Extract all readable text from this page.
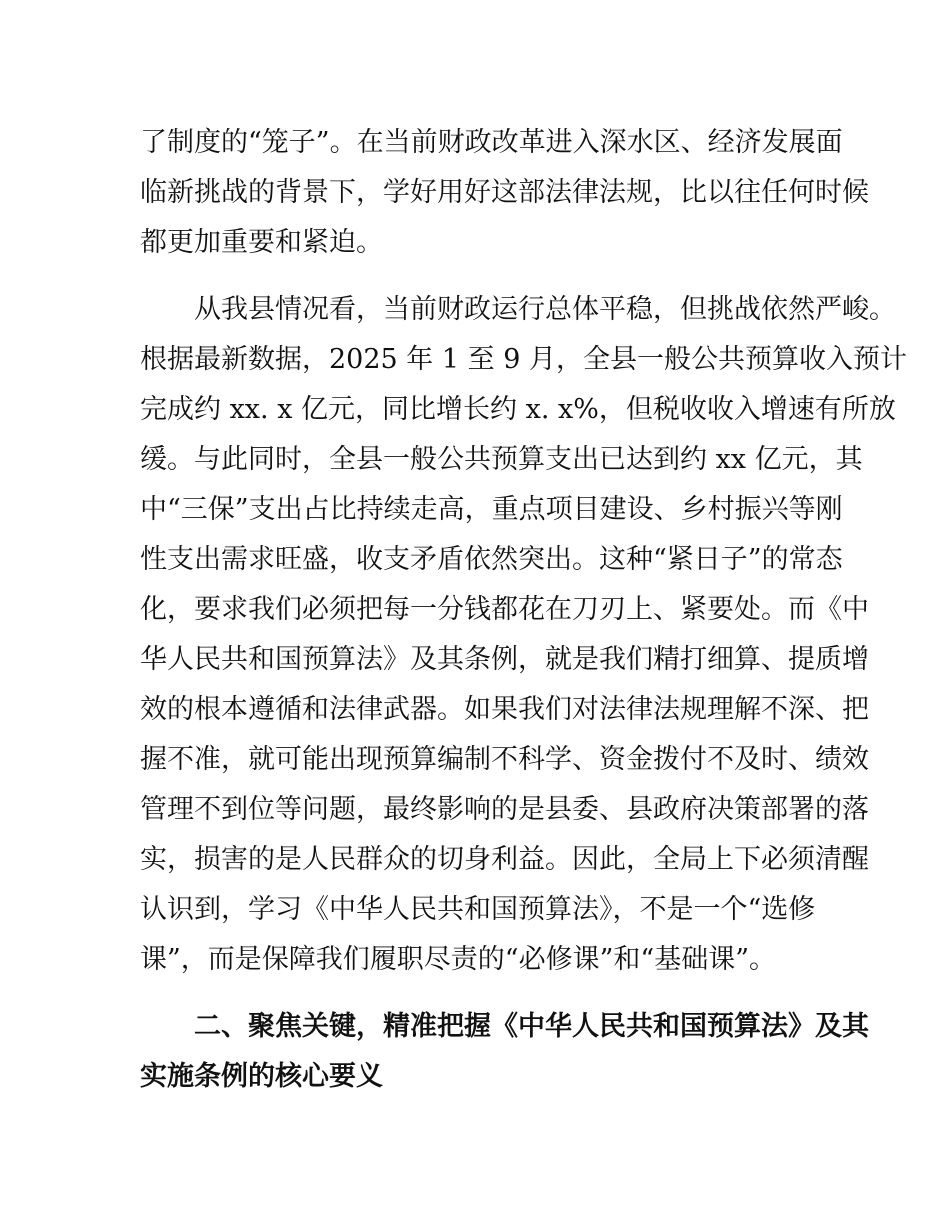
了制度的“笼子”。在当前财政改革进入深水区、经济发展面
临新挑战的背景下，学好用好这部法律法规，比以往任何时候
都更加重要和紧迫。
从我县情况看，当前财政运行总体平稳，但挑战依然严峻。
根据最新数据，2025 年 1 至 9 月，全县一般公共预算收入预计
完成约 xx. x 亿元，同比增长约 x. x%，但税收收入增速有所放
缓。与此同时，全县一般公共预算支出已达到约 xx 亿元，其
中“三保”支出占比持续走高，重点项目建设、乡村振兴等刚
性支出需求旺盛，收支矛盾依然突出。这种“紧日子”的常态
化，要求我们必须把每一分钱都花在刀刃上、紧要处。而《中
华人民共和国预算法》及其条例，就是我们精打细算、提质增
效的根本遵循和法律武器。如果我们对法律法规理解不深、把
握不准，就可能出现预算编制不科学、资金拨付不及时、绩效
管理不到位等问题，最终影响的是县委、县政府决策部署的落
实，损害的是人民群众的切身利益。因此，全局上下必须清醒
认识到，学习《中华人民共和国预算法》，不是一个“选修
课”，而是保障我们履职尽责的“必修课”和“基础课”。
二、聚焦关键，精准把握《中华人民共和国预算法》及其
实施条例的核心要义
